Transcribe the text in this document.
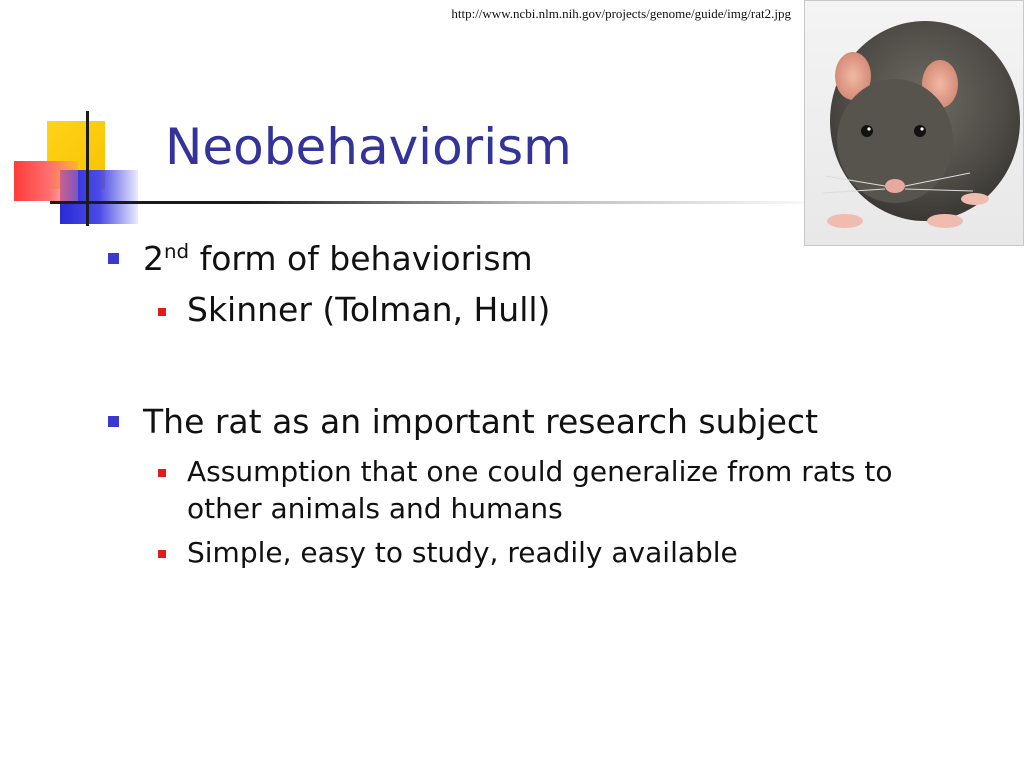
http://www.ncbi.nlm.nih.gov/projects/genome/guide/img/rat2.jpg
Neobehaviorism
2nd form of behaviorism
Skinner (Tolman, Hull)
The rat as an important research subject
Assumption that one could generalize from rats to other animals and humans
Simple, easy to study, readily available
